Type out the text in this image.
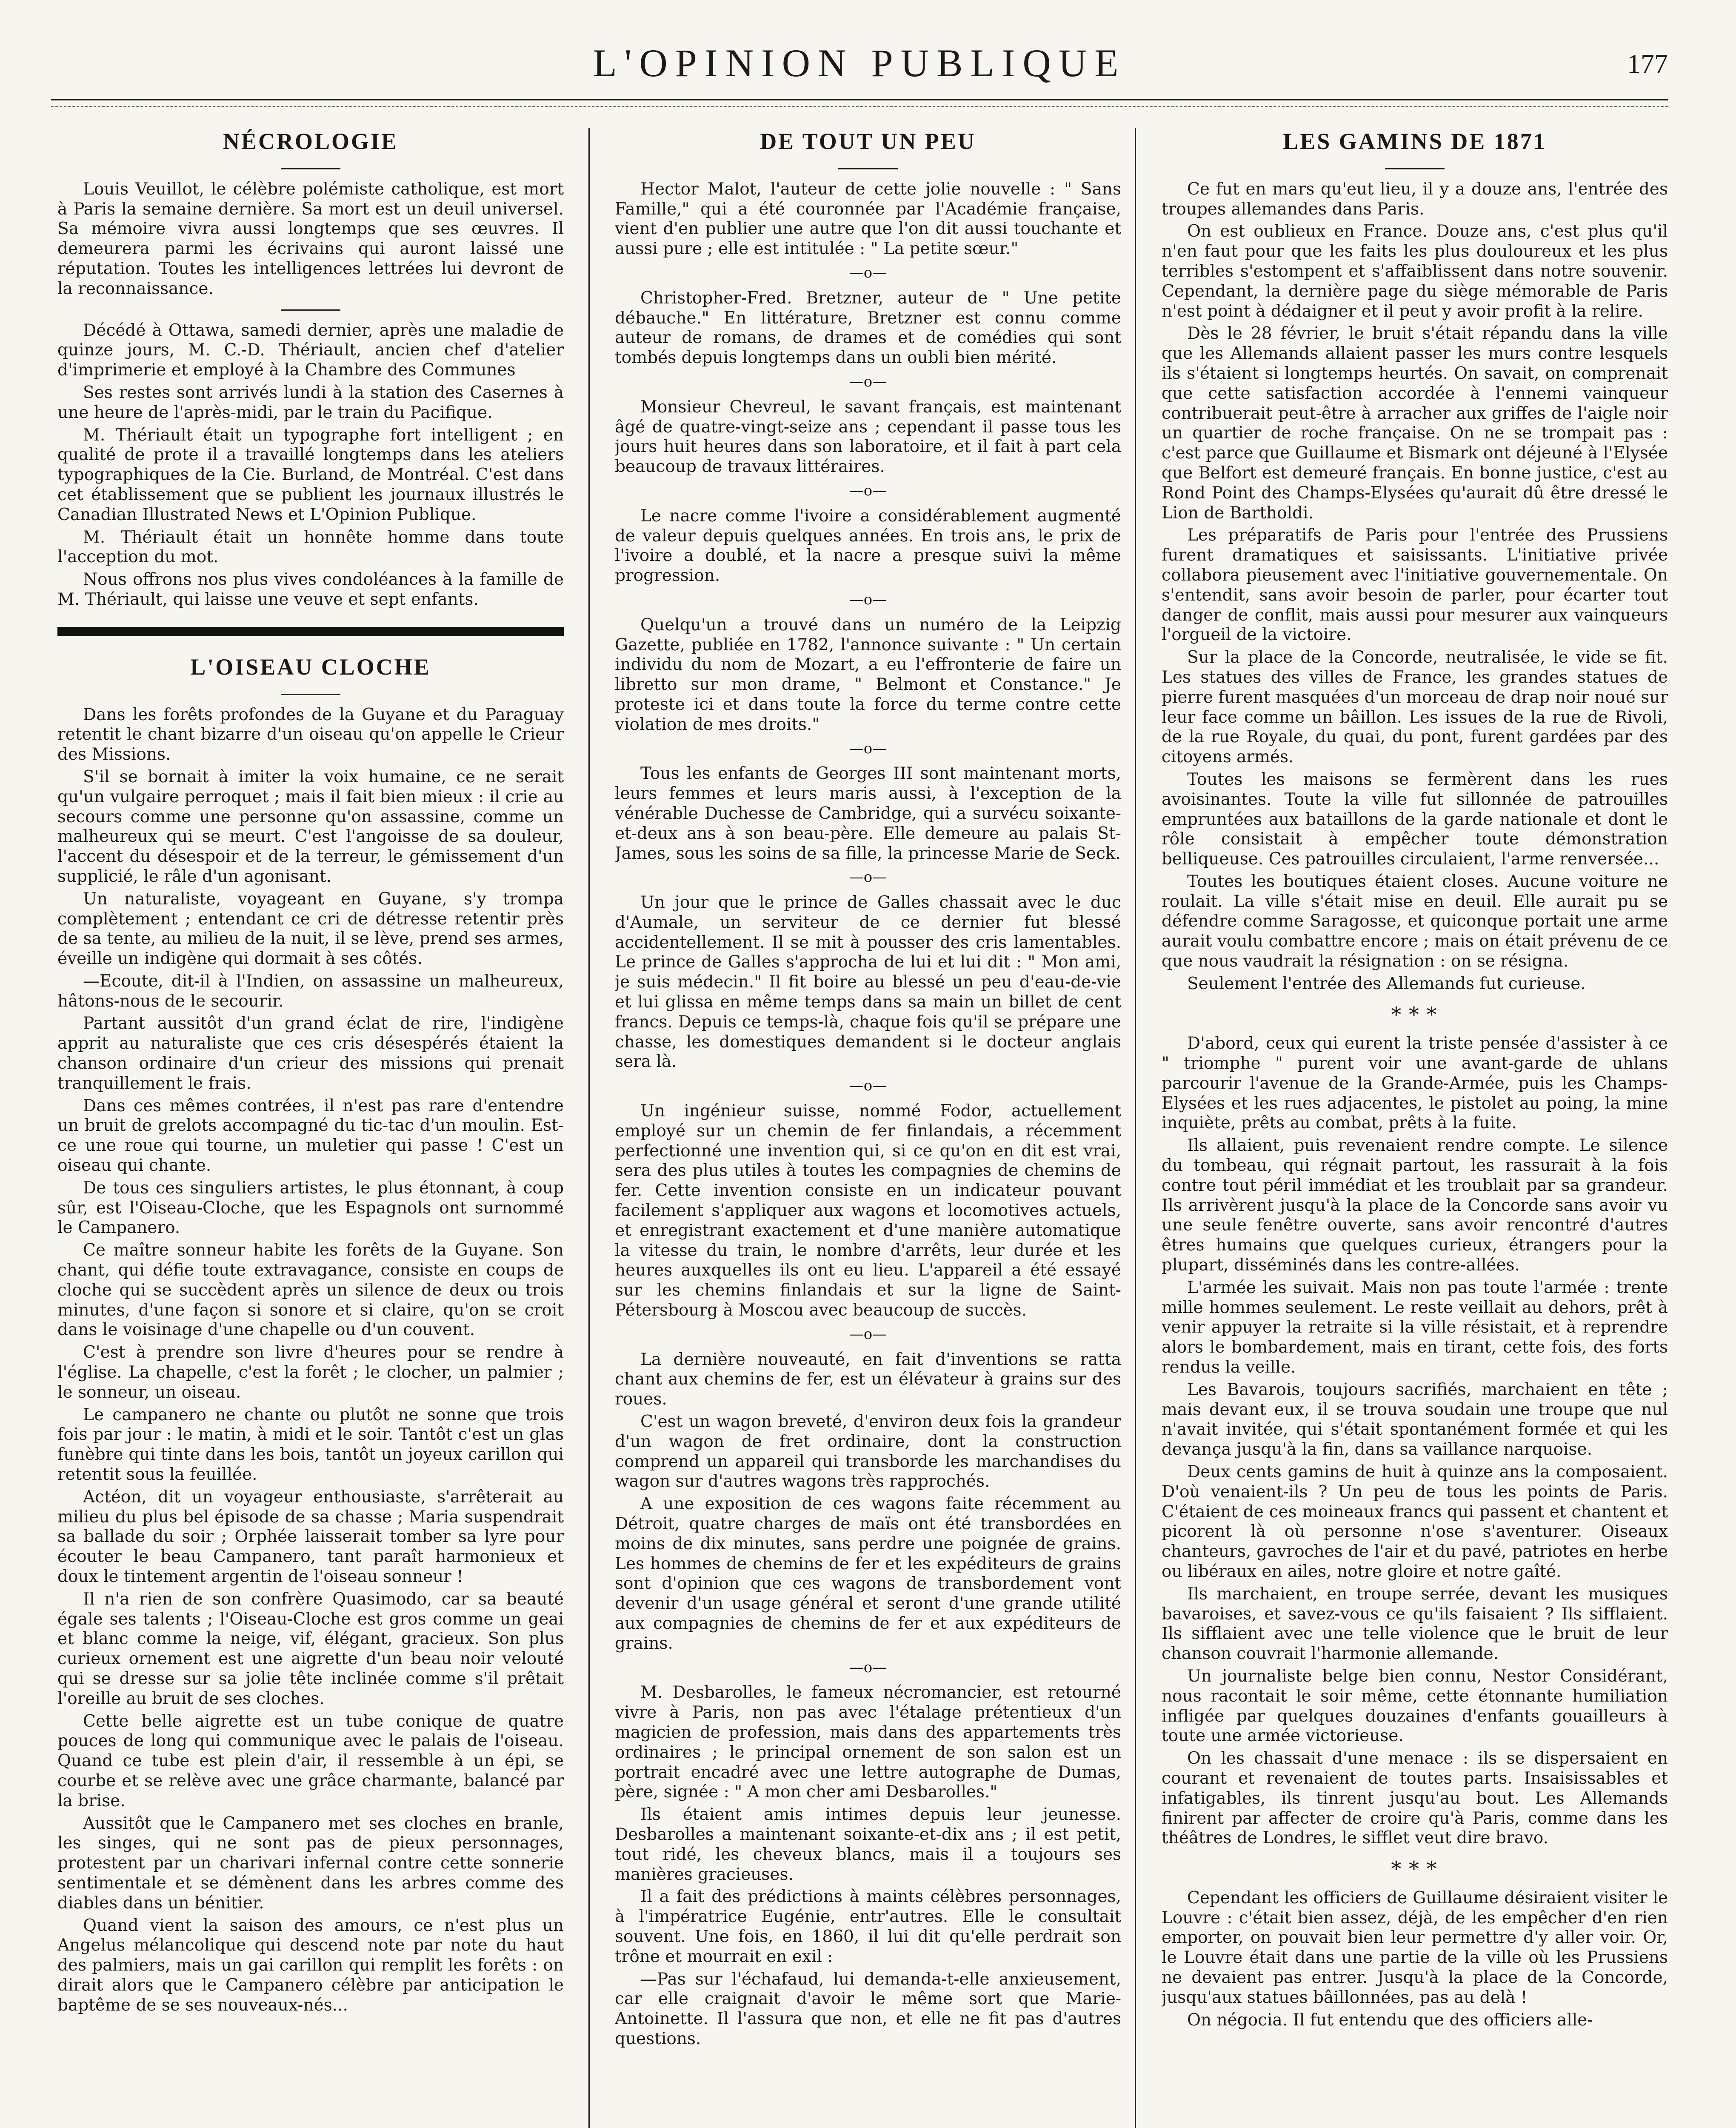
L'OPINION PUBLIQUE	177
NÉCROLOGIE

Louis Veuillot, le célèbre polémiste catholique, est mort à Paris la semaine dernière. Sa mort est un deuil universel. Sa mémoire vivra aussi longtemps que ses œuvres. Il demeurera parmi les écrivains qui auront laissé une réputation. Toutes les intelligences lettrées lui devront de la reconnaissance.

Décédé à Ottawa, samedi dernier, après une maladie de quinze jours, M. C.-D. Thériault, ancien chef d'atelier d'imprimerie et employé à la Chambre des Communes

Ses restes sont arrivés lundi à la station des Casernes à une heure de l'après-midi, par le train du Pacifique.

M. Thériault était un typographe fort intelligent ; en qualité de prote il a travaillé longtemps dans les ateliers typographiques de la Cie. Burland, de Montréal. C'est dans cet établissement que se publient les journaux illustrés le Canadian Illustrated News et L'Opinion Publique.

M. Thériault était un honnête homme dans toute l'acception du mot.

Nous offrons nos plus vives condoléances à la famille de M. Thériault, qui laisse une veuve et sept enfants.

L'OISEAU CLOCHE

Dans les forêts profondes de la Guyane et du Paraguay retentit le chant bizarre d'un oiseau qu'on appelle le Crieur des Missions.

S'il se bornait à imiter la voix humaine, ce ne serait qu'un vulgaire perroquet ; mais il fait bien mieux : il crie au secours comme une personne qu'on assassine, comme un malheureux qui se meurt. C'est l'angoisse de sa douleur, l'accent du désespoir et de la terreur, le gémissement d'un supplicié, le râle d'un agonisant.

Un naturaliste, voyageant en Guyane, s'y trompa complètement ; entendant ce cri de détresse retentir près de sa tente, au milieu de la nuit, il se lève, prend ses armes, éveille un indigène qui dormait à ses côtés.

—Ecoute, dit-il à l'Indien, on assassine un malheureux, hâtons-nous de le secourir.

Partant aussitôt d'un grand éclat de rire, l'indigène apprit au naturaliste que ces cris désespérés étaient la chanson ordinaire d'un crieur des missions qui prenait tranquillement le frais.

Dans ces mêmes contrées, il n'est pas rare d'entendre un bruit de grelots accompagné du tic-tac d'un moulin. Est-ce une roue qui tourne, un muletier qui passe ! C'est un oiseau qui chante.

De tous ces singuliers artistes, le plus étonnant, à coup sûr, est l'Oiseau-Cloche, que les Espagnols ont surnommé le Campanero.

Ce maître sonneur habite les forêts de la Guyane. Son chant, qui défie toute extravagance, consiste en coups de cloche qui se succèdent après un silence de deux ou trois minutes, d'une façon si sonore et si claire, qu'on se croit dans le voisinage d'une chapelle ou d'un couvent.

C'est à prendre son livre d'heures pour se rendre à l'église. La chapelle, c'est la forêt ; le clocher, un palmier ; le sonneur, un oiseau.

Le campanero ne chante ou plutôt ne sonne que trois fois par jour : le matin, à midi et le soir. Tantôt c'est un glas funèbre qui tinte dans les bois, tantôt un joyeux carillon qui retentit sous la feuillée.

Actéon, dit un voyageur enthousiaste, s'arrêterait au milieu du plus bel épisode de sa chasse ; Maria suspendrait sa ballade du soir ; Orphée laisserait tomber sa lyre pour écouter le beau Campanero, tant paraît harmonieux et doux le tintement argentin de l'oiseau sonneur !

Il n'a rien de son confrère Quasimodo, car sa beauté égale ses talents ; l'Oiseau-Cloche est gros comme un geai et blanc comme la neige, vif, élégant, gracieux. Son plus curieux ornement est une aigrette d'un beau noir velouté qui se dresse sur sa jolie tête inclinée comme s'il prêtait l'oreille au bruit de ses cloches.

Cette belle aigrette est un tube conique de quatre pouces de long qui communique avec le palais de l'oiseau. Quand ce tube est plein d'air, il ressemble à un épi, se courbe et se relève avec une grâce charmante, balancé par la brise.

Aussitôt que le Campanero met ses cloches en branle, les singes, qui ne sont pas de pieux personnages, protestent par un charivari infernal contre cette sonnerie sentimentale et se démènent dans les arbres comme des diables dans un bénitier.

Quand vient la saison des amours, ce n'est plus un Angelus mélancolique qui descend note par note du haut des palmiers, mais un gai carillon qui remplit les forêts : on dirait alors que le Campanero célèbre par anticipation le baptême de se ses nouveaux-nés...

DE TOUT UN PEU

Hector Malot, l'auteur de cette jolie nouvelle : " Sans Famille," qui a été couronnée par l'Académie française, vient d'en publier une autre que l'on dit aussi touchante et aussi pure ; elle est intitulée : " La petite sœur."

—o—

Christopher-Fred. Bretzner, auteur de " Une petite débauche." En littérature, Bretzner est connu comme auteur de romans, de drames et de comédies qui sont tombés depuis longtemps dans un oubli bien mérité.

—o—

Monsieur Chevreul, le savant français, est maintenant âgé de quatre-vingt-seize ans ; cependant il passe tous les jours huit heures dans son laboratoire, et il fait à part cela beaucoup de travaux littéraires.

—o—

Le nacre comme l'ivoire a considérablement augmenté de valeur depuis quelques années. En trois ans, le prix de l'ivoire a doublé, et la nacre a presque suivi la même progression.

—o—

Quelqu'un a trouvé dans un numéro de la Leipzig Gazette, publiée en 1782, l'annonce suivante : " Un certain individu du nom de Mozart, a eu l'effronterie de faire un libretto sur mon drame, " Belmont et Constance." Je proteste ici et dans toute la force du terme contre cette violation de mes droits."

—o—

Tous les enfants de Georges III sont maintenant morts, leurs femmes et leurs maris aussi, à l'exception de la vénérable Duchesse de Cambridge, qui a survécu soixante-et-deux ans à son beau-père. Elle demeure au palais St-James, sous les soins de sa fille, la princesse Marie de Seck.

—o—

Un jour que le prince de Galles chassait avec le duc d'Aumale, un serviteur de ce dernier fut blessé accidentellement. Il se mit à pousser des cris lamentables. Le prince de Galles s'approcha de lui et lui dit : " Mon ami, je suis médecin." Il fit boire au blessé un peu d'eau-de-vie et lui glissa en même temps dans sa main un billet de cent francs. Depuis ce temps-là, chaque fois qu'il se prépare une chasse, les domestiques demandent si le docteur anglais sera là.

—o—

Un ingénieur suisse, nommé Fodor, actuellement employé sur un chemin de fer finlandais, a récemment perfectionné une invention qui, si ce qu'on en dit est vrai, sera des plus utiles à toutes les compagnies de chemins de fer. Cette invention consiste en un indicateur pouvant facilement s'appliquer aux wagons et locomotives actuels, et enregistrant exactement et d'une manière automatique la vitesse du train, le nombre d'arrêts, leur durée et les heures auxquelles ils ont eu lieu. L'appareil a été essayé sur les chemins finlandais et sur la ligne de Saint-Pétersbourg à Moscou avec beaucoup de succès.

—o—

La dernière nouveauté, en fait d'inventions se ratta chant aux chemins de fer, est un élévateur à grains sur des roues.

C'est un wagon breveté, d'environ deux fois la grandeur d'un wagon de fret ordinaire, dont la construction comprend un appareil qui transborde les marchandises du wagon sur d'autres wagons très rapprochés.

A une exposition de ces wagons faite récemment au Détroit, quatre charges de maïs ont été transbordées en moins de dix minutes, sans perdre une poignée de grains. Les hommes de chemins de fer et les expéditeurs de grains sont d'opinion que ces wagons de transbordement vont devenir d'un usage général et seront d'une grande utilité aux compagnies de chemins de fer et aux expéditeurs de grains.

—o—

M. Desbarolles, le fameux nécromancier, est retourné vivre à Paris, non pas avec l'étalage prétentieux d'un magicien de profession, mais dans des appartements très ordinaires ; le principal ornement de son salon est un portrait encadré avec une lettre autographe de Dumas, père, signée : " A mon cher ami Desbarolles."

Ils étaient amis intimes depuis leur jeunesse. Desbarolles a maintenant soixante-et-dix ans ; il est petit, tout ridé, les cheveux blancs, mais il a toujours ses manières gracieuses.

Il a fait des prédictions à maints célèbres personnages, à l'impératrice Eugénie, entr'autres. Elle le consultait souvent. Une fois, en 1860, il lui dit qu'elle perdrait son trône et mourrait en exil :

—Pas sur l'échafaud, lui demanda-t-elle anxieusement, car elle craignait d'avoir le même sort que Marie-Antoinette. Il l'assura que non, et elle ne fit pas d'autres questions.

LES GAMINS DE 1871

Ce fut en mars qu'eut lieu, il y a douze ans, l'entrée des troupes allemandes dans Paris.

On est oublieux en France. Douze ans, c'est plus qu'il n'en faut pour que les faits les plus douloureux et les plus terribles s'estompent et s'affaiblissent dans notre souvenir. Cependant, la dernière page du siège mémorable de Paris n'est point à dédaigner et il peut y avoir profit à la relire.

Dès le 28 février, le bruit s'était répandu dans la ville que les Allemands allaient passer les murs contre lesquels ils s'étaient si longtemps heurtés. On savait, on comprenait que cette satisfaction accordée à l'ennemi vainqueur contribuerait peut-être à arracher aux griffes de l'aigle noir un quartier de roche française. On ne se trompait pas : c'est parce que Guillaume et Bismark ont déjeuné à l'Elysée que Belfort est demeuré français. En bonne justice, c'est au Rond Point des Champs-Elysées qu'aurait dû être dressé le Lion de Bartholdi.

Les préparatifs de Paris pour l'entrée des Prussiens furent dramatiques et saisissants. L'initiative privée collabora pieusement avec l'initiative gouvernementale. On s'entendit, sans avoir besoin de parler, pour écarter tout danger de conflit, mais aussi pour mesurer aux vainqueurs l'orgueil de la victoire.

Sur la place de la Concorde, neutralisée, le vide se fit. Les statues des villes de France, les grandes statues de pierre furent masquées d'un morceau de drap noir noué sur leur face comme un bâillon. Les issues de la rue de Rivoli, de la rue Royale, du quai, du pont, furent gardées par des citoyens armés.

Toutes les maisons se fermèrent dans les rues avoisinantes. Toute la ville fut sillonnée de patrouilles empruntées aux bataillons de la garde nationale et dont le rôle consistait à empêcher toute démonstration belliqueuse. Ces patrouilles circulaient, l'arme renversée...

Toutes les boutiques étaient closes. Aucune voiture ne roulait. La ville s'était mise en deuil. Elle aurait pu se défendre comme Saragosse, et quiconque portait une arme aurait voulu combattre encore ; mais on était prévenu de ce que nous vaudrait la résignation : on se résigna.

Seulement l'entrée des Allemands fut curieuse.

* * *

D'abord, ceux qui eurent la triste pensée d'assister à ce " triomphe " purent voir une avant-garde de uhlans parcourir l'avenue de la Grande-Armée, puis les Champs-Elysées et les rues adjacentes, le pistolet au poing, la mine inquiète, prêts au combat, prêts à la fuite.

Ils allaient, puis revenaient rendre compte. Le silence du tombeau, qui régnait partout, les rassurait à la fois contre tout péril immédiat et les troublait par sa grandeur. Ils arrivèrent jusqu'à la place de la Concorde sans avoir vu une seule fenêtre ouverte, sans avoir rencontré d'autres êtres humains que quelques curieux, étrangers pour la plupart, disséminés dans les contre-allées.

L'armée les suivait. Mais non pas toute l'armée : trente mille hommes seulement. Le reste veillait au dehors, prêt à venir appuyer la retraite si la ville résistait, et à reprendre alors le bombardement, mais en tirant, cette fois, des forts rendus la veille.

Les Bavarois, toujours sacrifiés, marchaient en tête ; mais devant eux, il se trouva soudain une troupe que nul n'avait invitée, qui s'était spontanément formée et qui les devança jusqu'à la fin, dans sa vaillance narquoise.

Deux cents gamins de huit à quinze ans la composaient. D'où venaient-ils ? Un peu de tous les points de Paris. C'étaient de ces moineaux francs qui passent et chantent et picorent là où personne n'ose s'aventurer. Oiseaux chanteurs, gavroches de l'air et du pavé, patriotes en herbe ou libéraux en ailes, notre gloire et notre gaîté.

Ils marchaient, en troupe serrée, devant les musiques bavaroises, et savez-vous ce qu'ils faisaient ? Ils sifflaient. Ils sifflaient avec une telle violence que le bruit de leur chanson couvrait l'harmonie allemande.

Un journaliste belge bien connu, Nestor Considérant, nous racontait le soir même, cette étonnante humiliation infligée par quelques douzaines d'enfants gouailleurs à toute une armée victorieuse.

On les chassait d'une menace : ils se dispersaient en courant et revenaient de toutes parts. Insaisissables et infatigables, ils tinrent jusqu'au bout. Les Allemands finirent par affecter de croire qu'à Paris, comme dans les théâtres de Londres, le sifflet veut dire bravo.

* * *

Cependant les officiers de Guillaume désiraient visiter le Louvre : c'était bien assez, déjà, de les empêcher d'en rien emporter, on pouvait bien leur permettre d'y aller voir. Or, le Louvre était dans une partie de la ville où les Prussiens ne devaient pas entrer. Jusqu'à la place de la Concorde, jusqu'aux statues bâillonnées, pas au delà !

On négocia. Il fut entendu que des officiers alle-
